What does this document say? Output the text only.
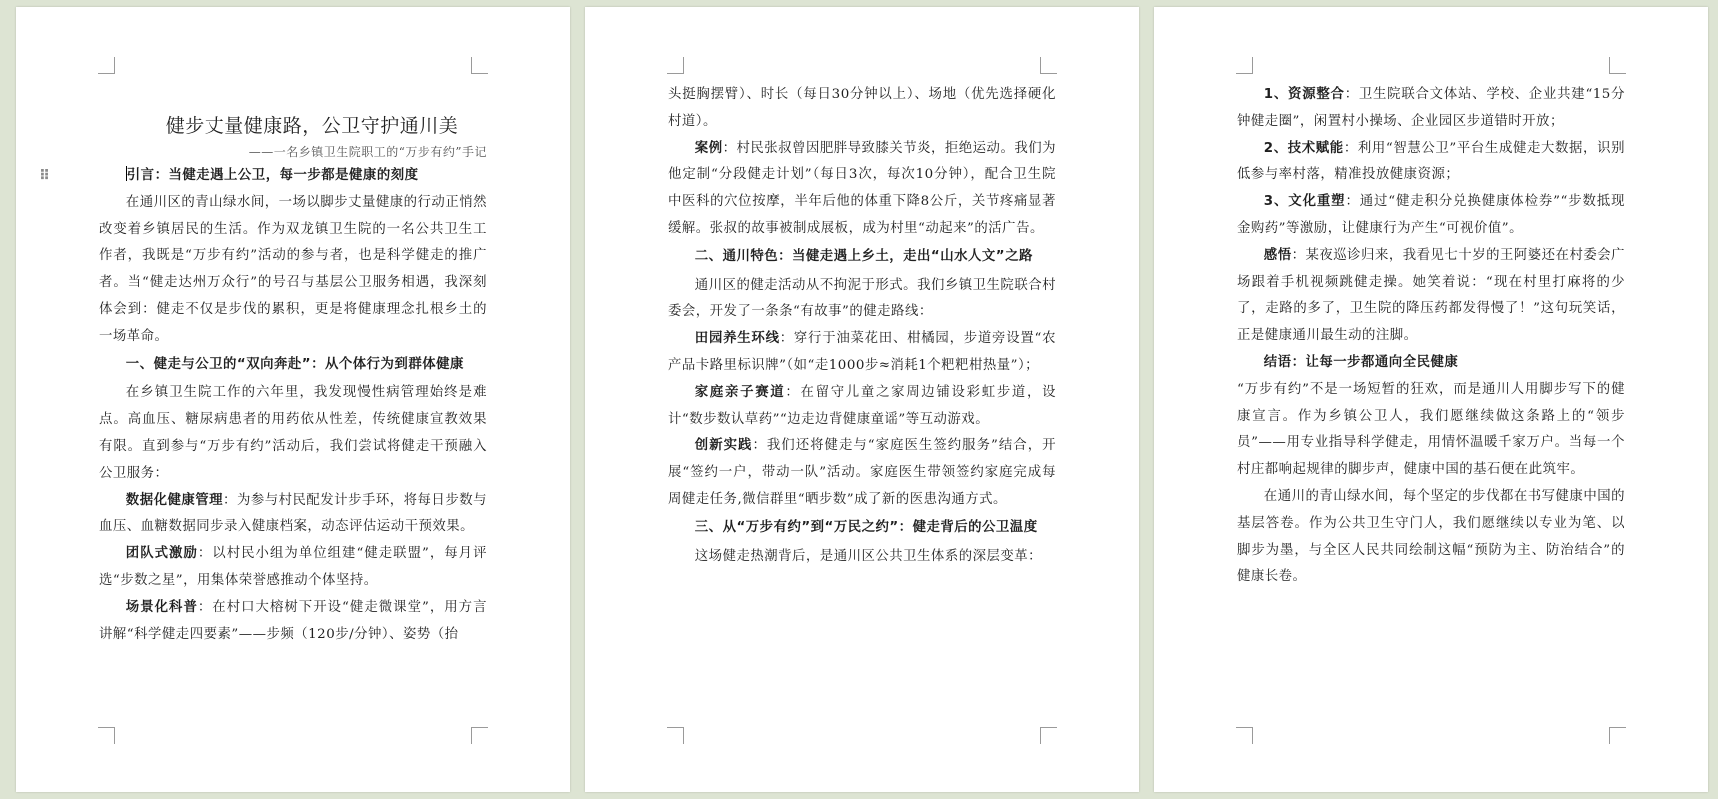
健步丈量健康路，公卫守护通川美

——一名乡镇卫生院职工的“万步有约”手记

⠿	引言：当健走遇上公卫，每一步都是健康的刻度

在通川区的青山绿水间，一场以脚步丈量健康的行动正悄然改变着乡镇居民的生活。作为双龙镇卫生院的一名公共卫生工作者，我既是“万步有约”活动的参与者，也是科学健走的推广者。当“健走达州万众行”的号召与基层公卫服务相遇，我深刻体会到：健走不仅是步伐的累积，更是将健康理念扎根乡土的一场革命。

一、健走与公卫的“双向奔赴”：从个体行为到群体健康

在乡镇卫生院工作的六年里，我发现慢性病管理始终是难点。高血压、糖尿病患者的用药依从性差，传统健康宣教效果有限。直到参与“万步有约”活动后，我们尝试将健走干预融入公卫服务：

数据化健康管理：为参与村民配发计步手环，将每日步数与血压、血糖数据同步录入健康档案，动态评估运动干预效果。

团队式激励：以村民小组为单位组建“健走联盟”，每月评选“步数之星”，用集体荣誉感推动个体坚持。

场景化科普：在村口大榕树下开设“健走微课堂”，用方言讲解“科学健走四要素”——步频（120步/分钟）、姿势（抬

头挺胸摆臂）、时长（每日30分钟以上）、场地（优先选择硬化村道）。

案例：村民张叔曾因肥胖导致膝关节炎，拒绝运动。我们为他定制“分段健走计划”（每日3次，每次10分钟），配合卫生院中医科的穴位按摩，半年后他的体重下降8公斤，关节疼痛显著缓解。张叔的故事被制成展板，成为村里“动起来”的活广告。

二、通川特色：当健走遇上乡土，走出“山水人文”之路

通川区的健走活动从不拘泥于形式。我们乡镇卫生院联合村委会，开发了一条条“有故事”的健走路线：

田园养生环线：穿行于油菜花田、柑橘园，步道旁设置“农产品卡路里标识牌”（如“走1000步≈消耗1个粑粑柑热量”）；

家庭亲子赛道：在留守儿童之家周边铺设彩虹步道，设计“数步数认草药”“边走边背健康童谣”等互动游戏。

创新实践：我们还将健走与“家庭医生签约服务”结合，开展“签约一户，带动一队”活动。家庭医生带领签约家庭完成每周健走任务,微信群里“晒步数”成了新的医患沟通方式。

三、从“万步有约”到“万民之约”：健走背后的公卫温度

这场健走热潮背后，是通川区公共卫生体系的深层变革：

1、资源整合：卫生院联合文体站、学校、企业共建“15分钟健走圈”，闲置村小操场、企业园区步道错时开放；

2、技术赋能：利用“智慧公卫”平台生成健走大数据，识别低参与率村落，精准投放健康资源；

3、文化重塑：通过“健走积分兑换健康体检券”“步数抵现金购药”等激励，让健康行为产生“可视价值”。

感悟：某夜巡诊归来，我看见七十岁的王阿婆还在村委会广场跟着手机视频跳健走操。她笑着说：“现在村里打麻将的少了，走路的多了，卫生院的降压药都发得慢了！”这句玩笑话，正是健康通川最生动的注脚。

结语：让每一步都通向全民健康

“万步有约”不是一场短暂的狂欢，而是通川人用脚步写下的健康宣言。作为乡镇公卫人，我们愿继续做这条路上的“领步员”——用专业指导科学健走，用情怀温暖千家万户。当每一个村庄都响起规律的脚步声，健康中国的基石便在此筑牢。

在通川的青山绿水间，每个坚定的步伐都在书写健康中国的基层答卷。作为公共卫生守门人，我们愿继续以专业为笔、以脚步为墨，与全区人民共同绘制这幅“预防为主、防治结合”的健康长卷。
